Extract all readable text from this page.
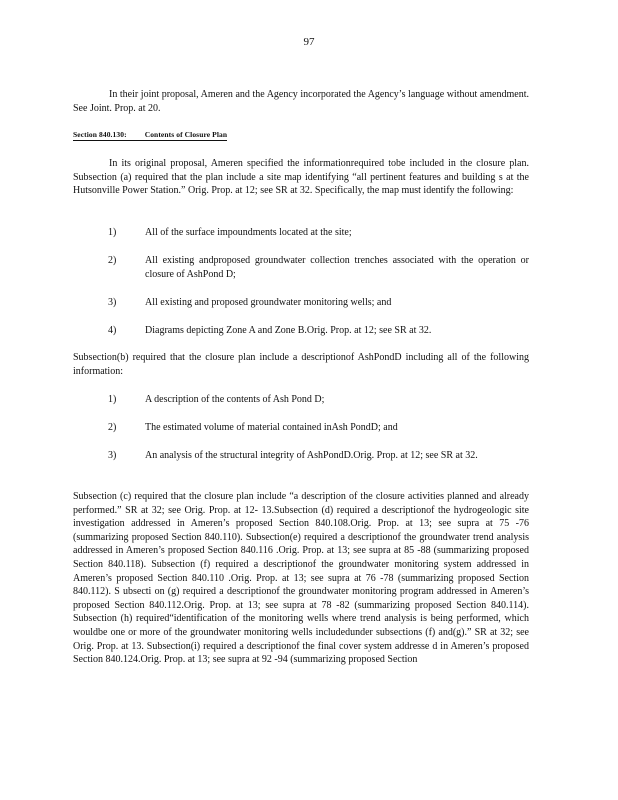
97

In their joint proposal, Ameren and the Agency incorporated the Agency’s language without amendment. See Joint. Prop. at 20.

Section 840.130: Contents of Closure Plan

In its original proposal, Ameren specified the informationrequired tobe included in the closure plan. Subsection (a) required that the plan include a site map identifying “all pertinent features and building s at the Hutsonville Power Station.” Orig. Prop. at 12; see SR at 32. Specifically, the map must identify the following:

1)	All of the surface impoundments located at the site;
2)	All existing andproposed groundwater collection trenches associated with the operation or closure of AshPond D;
3)	All existing and proposed groundwater monitoring wells; and
4)	Diagrams depicting Zone A and Zone B.Orig. Prop. at 12; see SR at 32.

Subsection(b) required that the closure plan include a descriptionof AshPondD including all of the following information:

1)	A description of the contents of Ash Pond D;
2)	The estimated volume of material contained inAsh PondD; and
3)	An analysis of the structural integrity of AshPondD.Orig. Prop. at 12; see SR at 32.

Subsection (c) required that the closure plan include “a description of the closure activities planned and already performed.” SR at 32; see Orig. Prop. at 12- 13.Subsection (d) required a descriptionof the hydrogeologic site investigation addressed in Ameren’s proposed Section 840.108.Orig. Prop. at 13; see supra at 75 -76 (summarizing proposed Section 840.110). Subsection(e) required a descriptionof the groundwater trend analysis addressed in Ameren’s proposed Section 840.116 .Orig. Prop. at 13; see supra at 85 -88 (summarizing proposed Section 840.118). Subsection (f) required a descriptionof the groundwater monitoring system addressed in Ameren’s proposed Section 840.110 .Orig. Prop. at 13; see supra at 76 -78 (summarizing proposed Section 840.112). S ubsecti on (g) required a descriptionof the groundwater monitoring program addressed in Ameren’s proposed Section 840.112.Orig. Prop. at 13; see supra at 78 -82 (summarizing proposed Section 840.114). Subsection (h) required“identification of the monitoring wells where trend analysis is being performed, which wouldbe one or more of the groundwater monitoring wells includedunder subsections (f) and(g).” SR at 32; see Orig. Prop. at 13. Subsection(i) required a descriptionof the final cover system addresse d in Ameren’s proposed Section 840.124.Orig. Prop. at 13; see supra at 92 -94 (summarizing proposed Section
